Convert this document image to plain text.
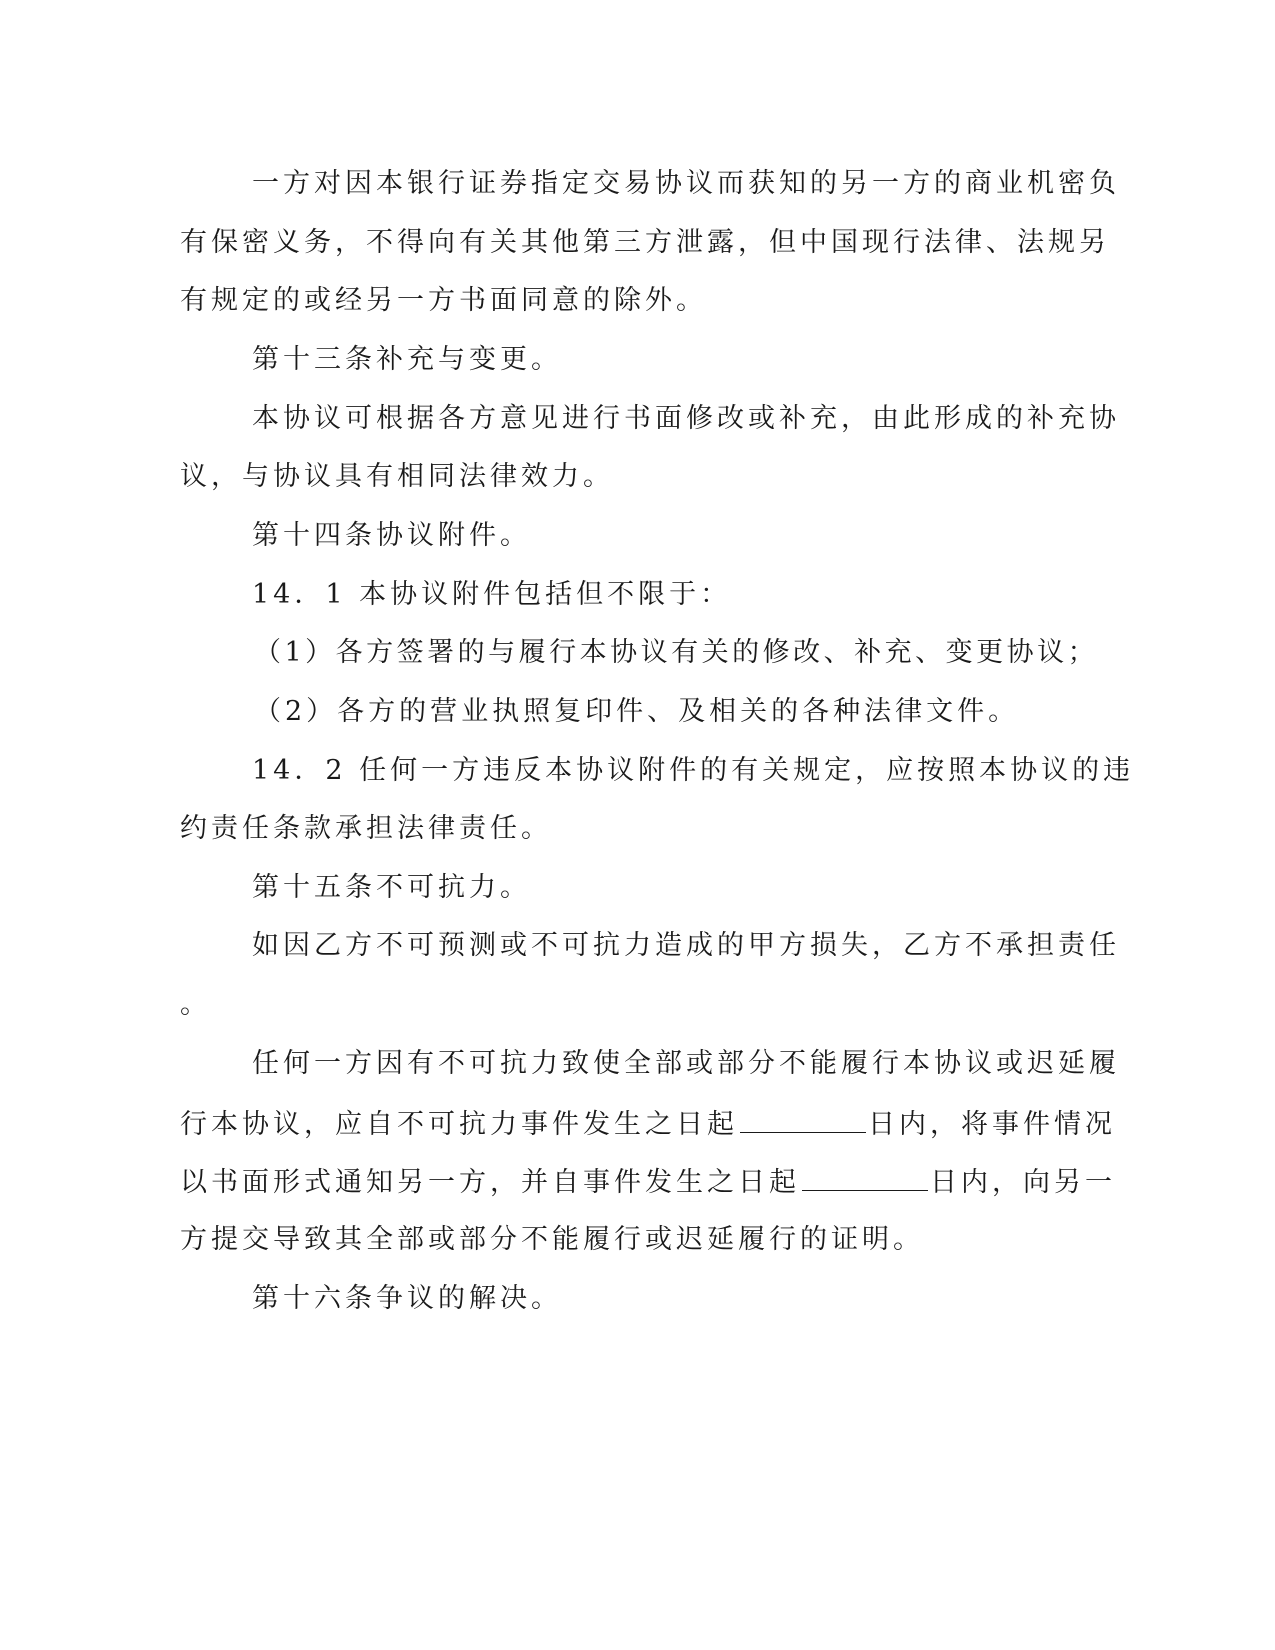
一方对因本银行证券指定交易协议而获知的另一方的商业机密负
有保密义务，不得向有关其他第三方泄露，但中国现行法律、法规另
有规定的或经另一方书面同意的除外。
第十三条补充与变更。
本协议可根据各方意见进行书面修改或补充，由此形成的补充协
议，与协议具有相同法律效力。
第十四条协议附件。
14．1 本协议附件包括但不限于：
（1）各方签署的与履行本协议有关的修改、补充、变更协议；
（2）各方的营业执照复印件、及相关的各种法律文件。
14．2 任何一方违反本协议附件的有关规定，应按照本协议的违
约责任条款承担法律责任。
第十五条不可抗力。
如因乙方不可预测或不可抗力造成的甲方损失，乙方不承担责任
。
任何一方因有不可抗力致使全部或部分不能履行本协议或迟延履
行本协议，应自不可抗力事件发生之日起	日内，将事件情况
以书面形式通知另一方，并自事件发生之日起	日内，向另一
方提交导致其全部或部分不能履行或迟延履行的证明。
第十六条争议的解决。
